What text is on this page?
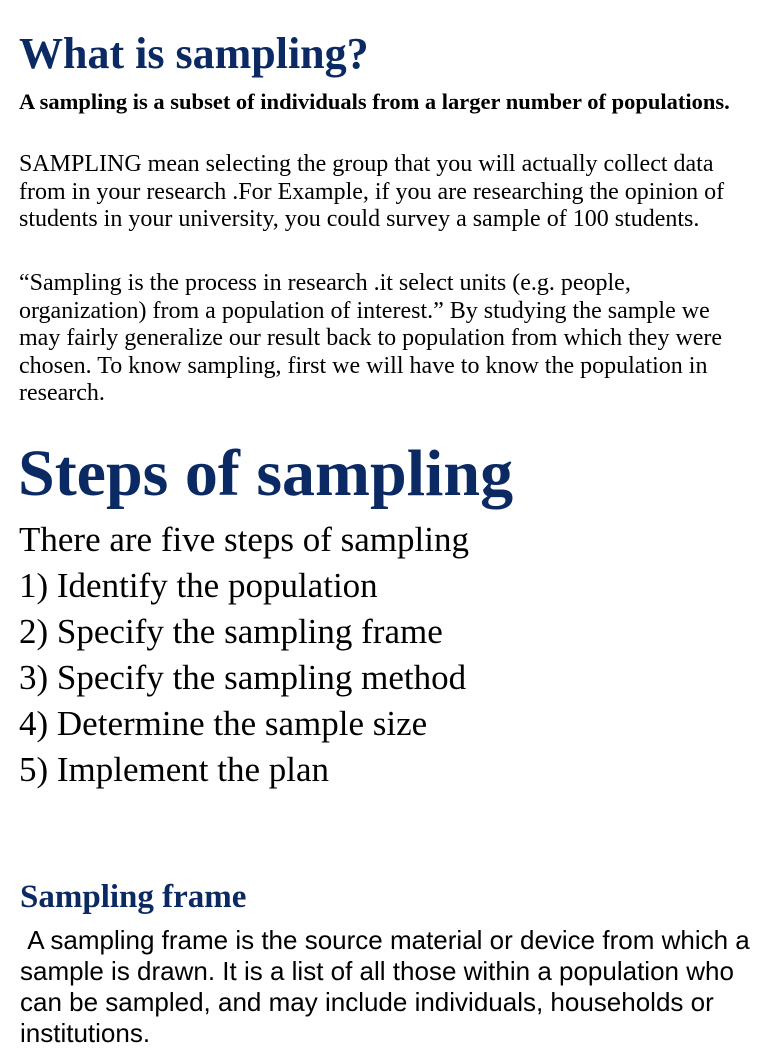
What is sampling?

A sampling is a subset of individuals from a larger number of populations.

SAMPLING mean selecting the group that you will actually collect data from in your research .For Example, if you are researching the opinion of students in your university, you could survey a sample of 100 students.

“Sampling is the process in research .it select units (e.g. people, organization) from a population of interest.” By studying the sample we may fairly generalize our result back to population from which they were chosen. To know sampling, first we will have to know the population in research.

Steps of sampling
There are five steps of sampling
1) Identify the population
2) Specify the sampling frame
3) Specify the sampling method
4) Determine the sample size
5) Implement the plan
Sampling frame

A sampling frame is the source material or device from which a sample is drawn. It is a list of all those within a population who can be sampled, and may include individuals, households or institutions.
